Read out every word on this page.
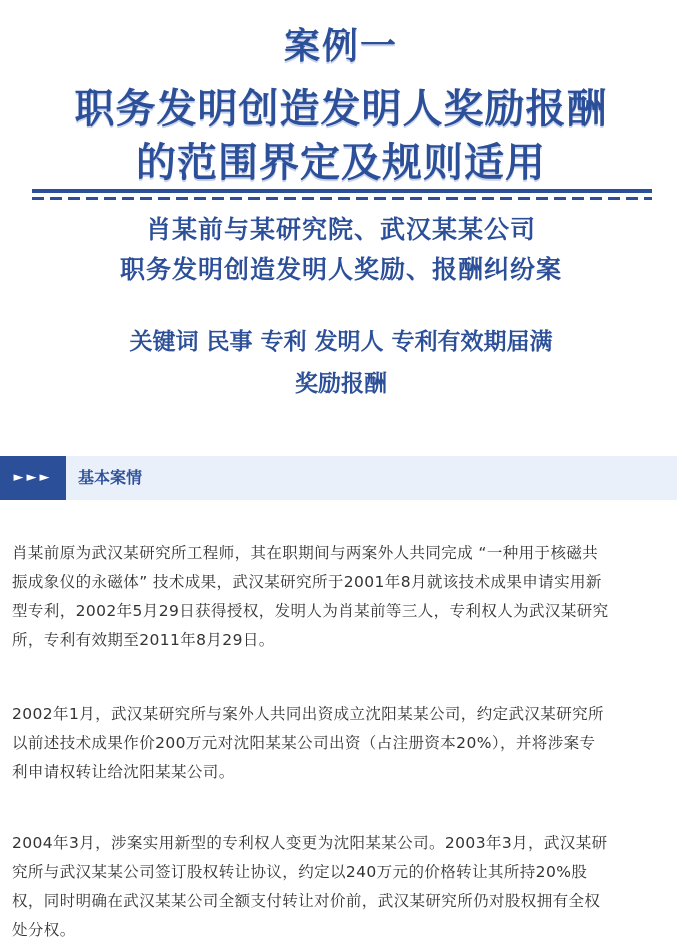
案例一
职务发明创造发明人奖励报酬
的范围界定及规则适用
肖某前与某研究院、武汉某某公司
职务发明创造发明人奖励、报酬纠纷案
关键词 民事 专利 发明人 专利有效期届满
奖励报酬
►►►	基本案情
肖某前原为武汉某研究所工程师，其在职期间与两案外人共同完成 “一种用于核磁共
振成象仪的永磁体” 技术成果，武汉某研究所于2001年8月就该技术成果申请实用新
型专利，2002年5月29日获得授权，发明人为肖某前等三人，专利权人为武汉某研究
所，专利有效期至2011年8月29日。
2002年1月，武汉某研究所与案外人共同出资成立沈阳某某公司，约定武汉某研究所
以前述技术成果作价200万元对沈阳某某公司出资（占注册资本20%），并将涉案专
利申请权转让给沈阳某某公司。
2004年3月，涉案实用新型的专利权人变更为沈阳某某公司。2003年3月，武汉某研
究所与武汉某某公司签订股权转让协议，约定以240万元的价格转让其所持20%股
权，同时明确在武汉某某公司全额支付转让对价前，武汉某研究所仍对股权拥有全权
处分权。
